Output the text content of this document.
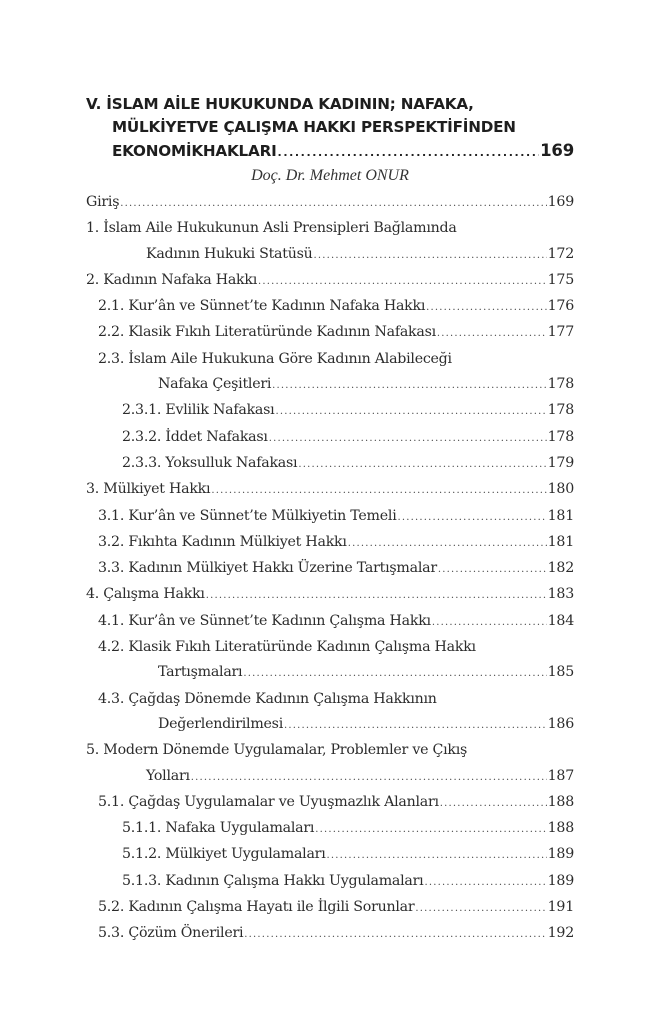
V. İSLAM AİLE HUKUKUNDA KADININ; NAFAKA,
MÜLKİYETVE ÇALIŞMA HAKKI PERSPEKTİFİNDEN
EKONOMİKHAKLARI .....	169
Doç. Dr. Mehmet ONUR
Giriş .....	169
1. İslam Aile Hukukunun Asli Prensipleri Bağlamında
Kadının Hukuki Statüsü .....	172
2. Kadının Nafaka Hakkı .....	175
2.1. Kur’ân ve Sünnet’te Kadının Nafaka Hakkı .....	176
2.2. Klasik Fıkıh Literatüründe Kadının Nafakası .....	177
2.3. İslam Aile Hukukuna Göre Kadının Alabileceği
Nafaka Çeşitleri .....	178
2.3.1. Evlilik Nafakası .....	178
2.3.2. İddet Nafakası .....	178
2.3.3. Yoksulluk Nafakası .....	179
3. Mülkiyet Hakkı .....	180
3.1. Kur’ân ve Sünnet’te Mülkiyetin Temeli .....	181
3.2. Fıkıhta Kadının Mülkiyet Hakkı .....	181
3.3. Kadının Mülkiyet Hakkı Üzerine Tartışmalar .....	182
4. Çalışma Hakkı .....	183
4.1. Kur’ân ve Sünnet’te Kadının Çalışma Hakkı .....	184
4.2. Klasik Fıkıh Literatüründe Kadının Çalışma Hakkı
Tartışmaları .....	185
4.3. Çağdaş Dönemde Kadının Çalışma Hakkının
Değerlendirilmesi .....	186
5. Modern Dönemde Uygulamalar, Problemler ve Çıkış
Yolları .....	187
5.1. Çağdaş Uygulamalar ve Uyuşmazlık Alanları .....	188
5.1.1. Nafaka Uygulamaları .....	188
5.1.2. Mülkiyet Uygulamaları .....	189
5.1.3. Kadının Çalışma Hakkı Uygulamaları .....	189
5.2. Kadının Çalışma Hayatı ile İlgili Sorunlar .....	191
5.3. Çözüm Önerileri .....	192
